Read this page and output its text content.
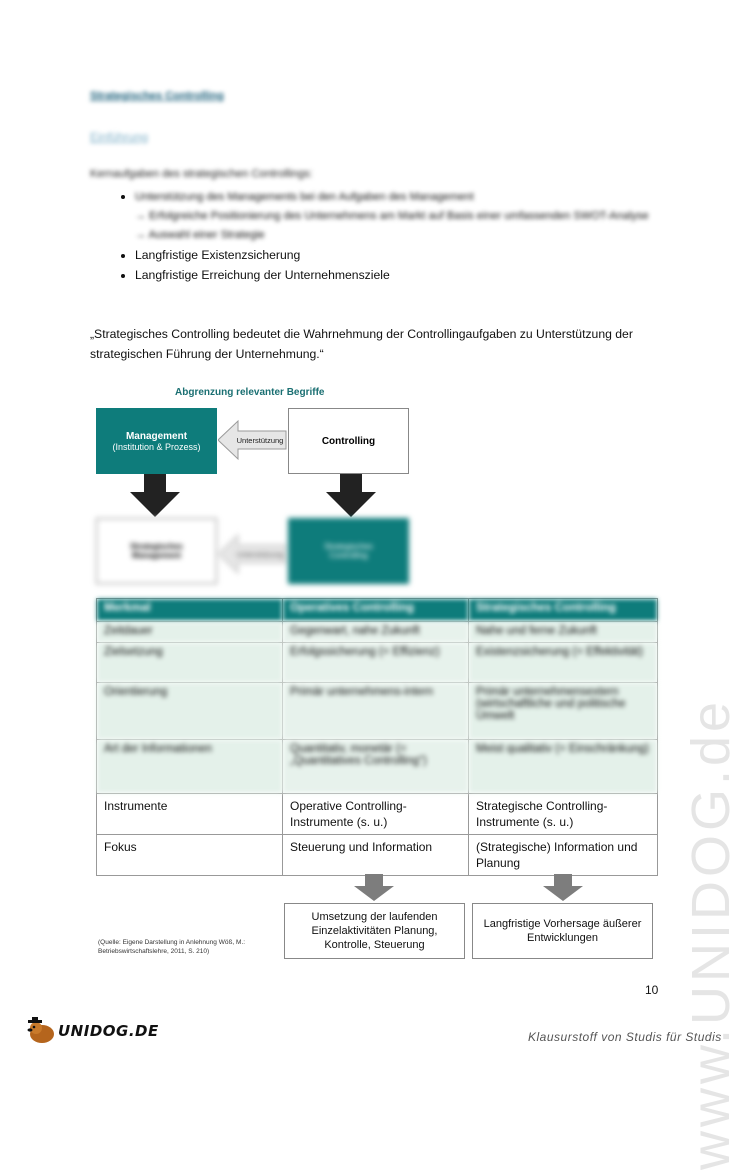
www.UNIDOG.de
Strategisches Controlling
Einführung
Kernaufgaben des strategischen Controllings:
• Unterstützung des Managements bei den Aufgaben des Management
→ Erfolgreiche Positionierung des Unternehmens am Markt auf Basis einer umfassenden SWOT-Analyse
→ Auswahl einer Strategie
• Langfristige Existenzsicherung
• Langfristige Erreichung der Unternehmensziele
„Strategisches Controlling bedeutet die Wahrnehmung der Controllingaufgaben zu Unterstützung der strategischen Führung der Unternehmung.“
Abgrenzung relevanter Begriffe
Management
(Institution & Prozess)
Unterstützung	Controlling
Strategisches Management	Unterstützung
Strategisches Controlling
Merkmal	Operatives Controlling	Strategisches Controlling
Zeitdauer	Gegenwart, nahe Zukunft	Nahe und ferne Zukunft
Zielsetzung	Erfolgssicherung (= Effizienz)	Existenzsicherung (= Effektivität)
Orientierung	Primär unternehmens-intern	Primär unternehmensextern (wirtschaftliche und politische Umwelt
Art der Informationen	Quantitativ, monetär (= „Quantitatives Controlling“)	Meist qualitativ (= Einschränkung)
Instrumente	Operative Controlling-Instrumente (s. u.)	Strategische Controlling-Instrumente (s. u.)
Fokus	Steuerung und Information	(Strategische) Information und Planung
Umsetzung der laufenden Einzelaktivitäten Planung, Kontrolle, Steuerung
Langfristige Vorhersage äußerer Entwicklungen
(Quelle: Eigene Darstellung in Anlehnung Wöß, M.: Betriebswirtschaftslehre, 2011, S. 210)
10
UNIDOG.DE	Klausurstoff von Studis für Studis
